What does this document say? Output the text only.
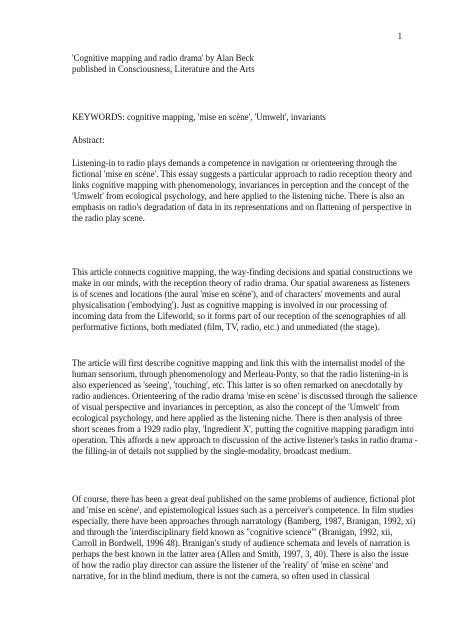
1

'Cognitive mapping and radio drama' by Alan Beck

published in Consciousness, Literature and the Arts

KEYWORDS: cognitive mapping, 'mise en scène', 'Umwelt', invariants

Abstract:

Listening-in to radio plays demands a competence in navigation or orienteering through the fictional 'mise en scène'. This essay suggests a particular approach to radio reception theory and links cognitive mapping with phenomenology, invariances in perception and the concept of the 'Umwelt' from ecological psychology, and here applied to the listening niche. There is also an emphasis on radio's degradation of data in its representations and on flattening of perspective in the radio play scene.

This article connects cognitive mapping, the way-finding decisions and spatial constructions we make in our minds, with the reception theory of radio drama. Our spatial awareness as listeners is of scenes and locations (the aural 'mise en scène'), and of characters' movements and aural physicalisation ('embodying'). Just as cognitive mapping is involved in our processing of incoming data from the Lifeworld, so it forms part of our reception of the scenographies of all performative fictions, both mediated (film, TV, radio, etc.) and unmediated (the stage).

The article will first describe cognitive mapping and link this with the internalist model of the human sensorium, through phenomenology and Merleau-Ponty, so that the radio listening-in is also experienced as 'seeing', 'touching', etc. This latter is so often remarked on anecdotally by radio audiences. Orienteering of the radio drama 'mise en scène' is discussed through the salience of visual perspective and invariances in perception, as also the concept of the 'Umwelt' from ecological psychology, and here applied as the listening niche. There is then analysis of three short scenes from a 1929 radio play, 'Ingredient X', putting the cognitive mapping paradigm into operation. This affords a new approach to discussion of the active listener's tasks in radio drama - the filling-in of details not supplied by the single-modality, broadcast medium.

Of course, there has been a great deal published on the same problems of audience, fictional plot and 'mise en scène', and epistemological issues such as a perceiver's competence. In film studies especially, there have been approaches through narratology (Bamberg, 1987, Branigan, 1992, xi) and through the 'interdisciplinary field known as "cognitive science"' (Branigan, 1992, xii, Carroll in Bordwell, 1996 48). Branigan's study of audience schemata and levels of narration is perhaps the best known in the latter area (Allen and Smith, 1997, 3, 40). There is also the issue of how the radio play director can assure the listener of the 'reality' of 'mise en scène' and narrative, for in the blind medium, there is not the camera, so often used in classical
